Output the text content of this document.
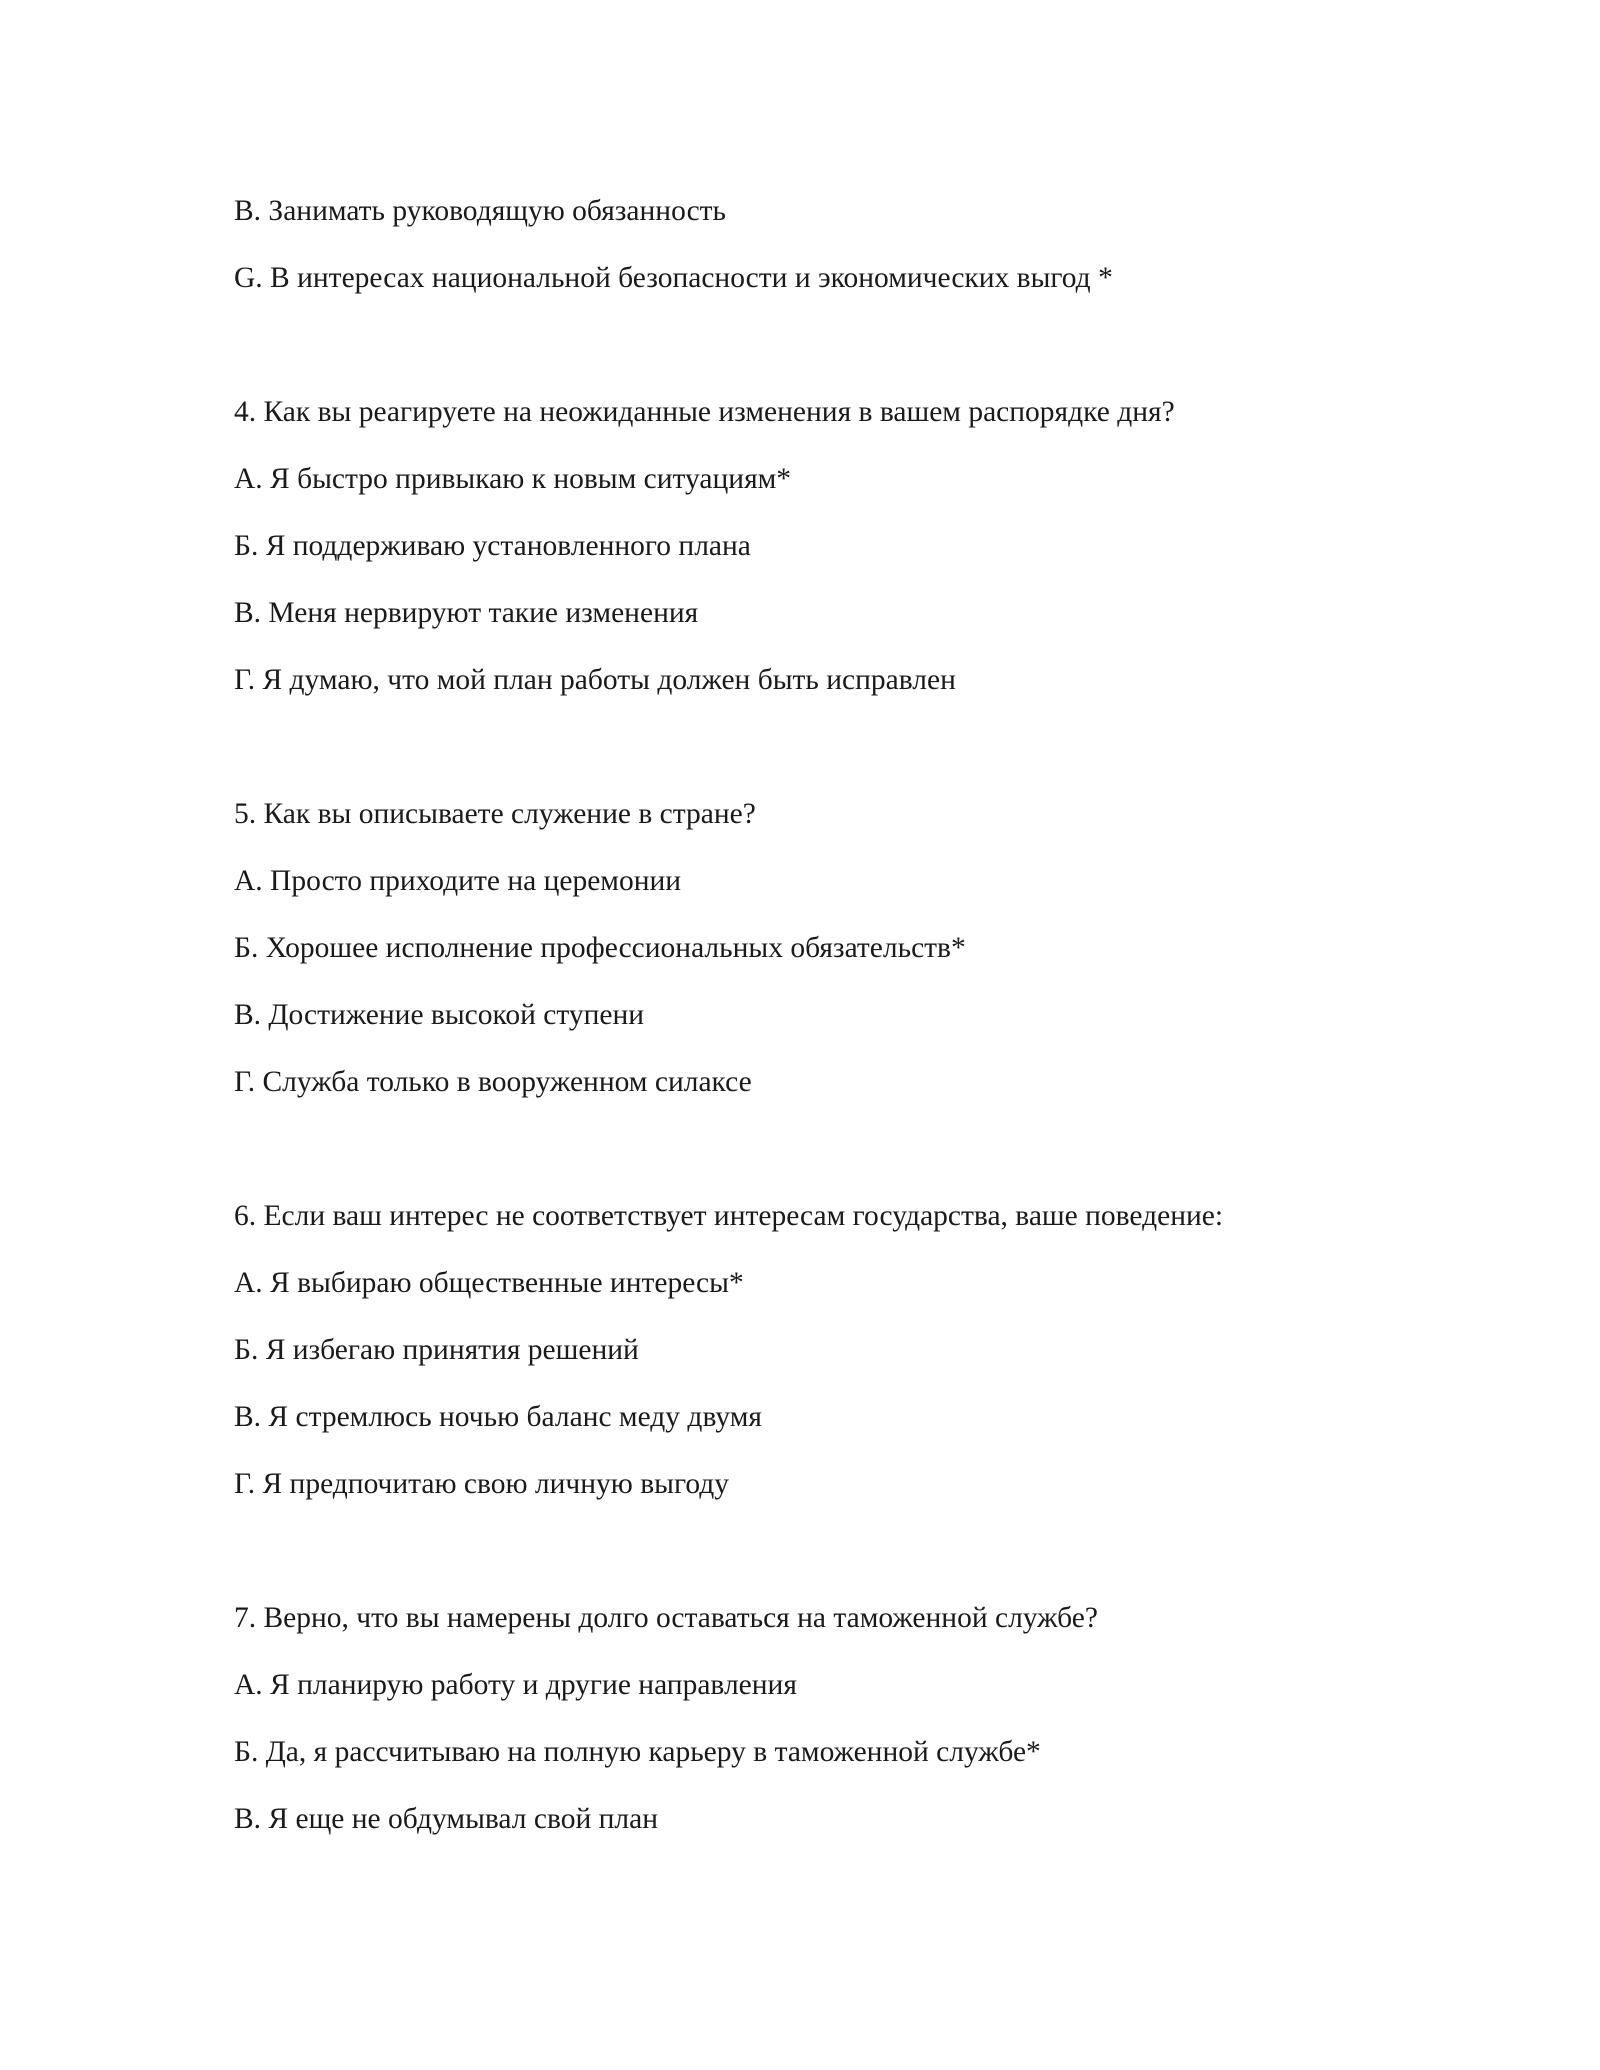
В. Занимать руководящую обязанность
G. В интересах национальной безопасности и экономических выгод *
4. Как вы реагируете на неожиданные изменения в вашем распорядке дня?
А. Я быстро привыкаю к новым ситуациям*
Б. Я поддерживаю установленного плана
В. Меня нервируют такие изменения
Г. Я думаю, что мой план работы должен быть исправлен
5. Как вы описываете служение в стране?
А. Просто приходите на церемонии
Б. Хорошее исполнение профессиональных обязательств*
В. Достижение высокой ступени
Г. Служба только в вооруженном силаксе
6. Если ваш интерес не соответствует интересам государства, ваше поведение:
А. Я выбираю общественные интересы*
Б. Я избегаю принятия решений
В. Я стремлюсь ночью баланс меду двумя
Г. Я предпочитаю свою личную выгоду
7. Верно, что вы намерены долго оставаться на таможенной службе?
А. Я планирую работу и другие направления
Б. Да, я рассчитываю на полную карьеру в таможенной службе*
В. Я еще не обдумывал свой план
